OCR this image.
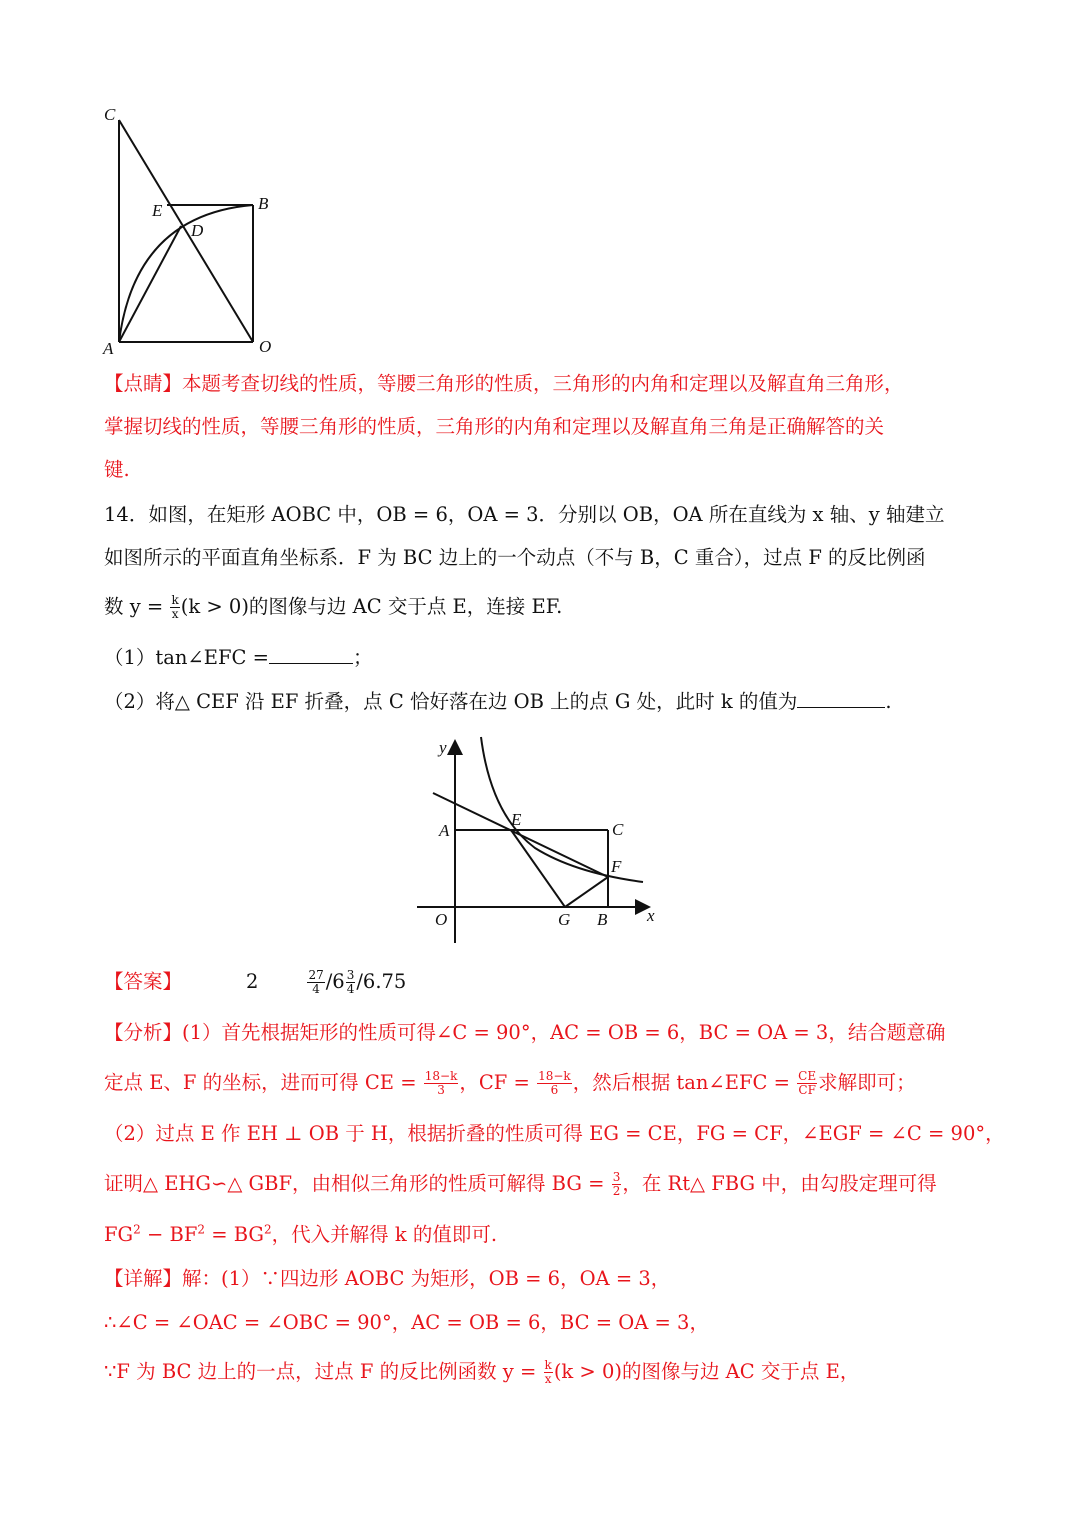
C
E
D
B
A	O
【点睛】本题考查切线的性质，等腰三角形的性质，三角形的内角和定理以及解直角三角形，
掌握切线的性质，等腰三角形的性质，三角形的内角和定理以及解直角三角是正确解答的关
键.
14．如图，在矩形 AOBC 中，OB = 6，OA = 3．分别以 OB，OA 所在直线为 x 轴、y 轴建立
如图所示的平面直角坐标系．F 为 BC 边上的一个动点（不与 B，C 重合），过点 F 的反比例函
数 $y = \frac{k}{x} (k > 0)$的图像与边 AC 交于点 E，连接 EF.
（1）tan∠EFC =	；
（2）将△ CEF 沿 EF 折叠，点 C 恰好落在边 OB 上的点 G 处，此时 k 的值为	.
y
x
A
E
C
F
O	G B
【答案】	2	$\frac{27}{4} /6 \frac{3}{4} /6.75$
【分析】(1）首先根据矩形的性质可得∠C = 90°，AC = OB = 6，BC = OA = 3，结合题意确
定点 E、F 的坐标，进而可得 CE = $\frac{18-k}{3}$ ，CF = $\frac{18-k}{6}$ ，然后根据 tan∠EFC = $\frac{CE}{CF}$ 求解即可；
（2）过点 E 作 EH ⊥ OB 于 H，根据折叠的性质可得 EG = CE，FG = CF，∠EGF = ∠C = 90°，
证明△ EHG∽△ GBF，由相似三角形的性质可解得 BG = $\frac{3}{2}$ ，在 Rt△ FBG 中，由勾股定理可得
$FG^2 - BF^2 = BG^2$，代入并解得 k 的值即可.
【详解】解：(1）∵四边形 AOBC 为矩形，OB = 6，OA = 3，
∴∠C = ∠OAC = ∠OBC = 90°，AC = OB = 6，BC = OA = 3，
∵F 为 BC 边上的一点，过点 F 的反比例函数 $y = \frac{k}{x} (k > 0)$的图像与边 AC 交于点 E，
